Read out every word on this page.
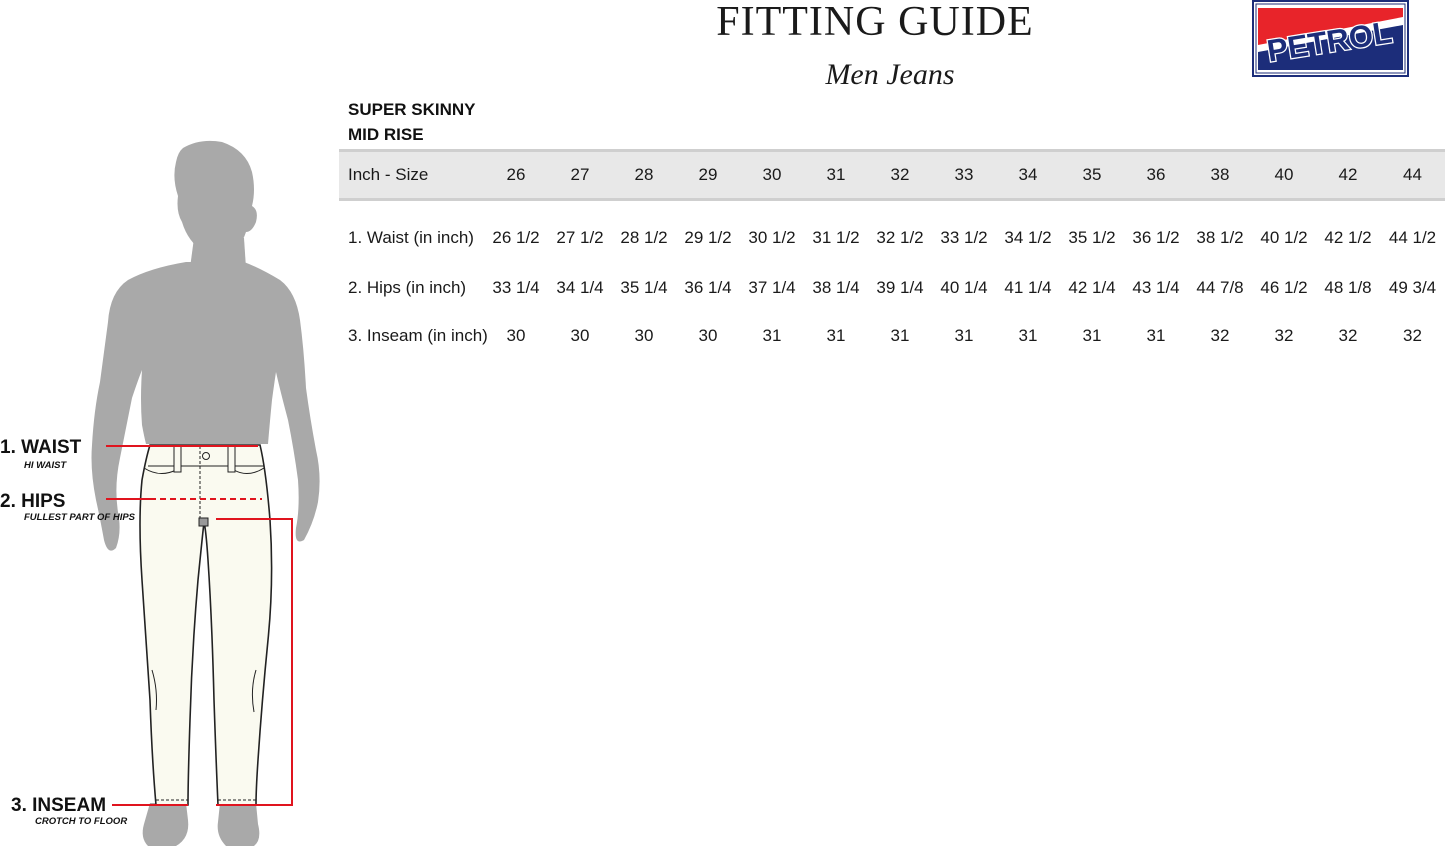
FITTING GUIDE
Men Jeans
PETROL
SUPER SKINNY
MID RISE
Inch - Size	26	27	28	29	30	31	32	33	34	35	36	38	40	42	44
1. Waist (in inch)	26 1/2	27 1/2	28 1/2	29 1/2	30 1/2	31 1/2	32 1/2	33 1/2	34 1/2	35 1/2	36 1/2	38 1/2	40 1/2	42 1/2	44 1/2
2. Hips (in inch)	33 1/4	34 1/4	35 1/4	36 1/4	37 1/4	38 1/4	39 1/4	40 1/4	41 1/4	42 1/4	43 1/4	44 7/8	46 1/2	48 1/8	49 3/4
3. Inseam (in inch)	30	30	30	30	31	31	31	31	31	31	31	32	32	32	32
1. WAIST
HI WAIST
2. HIPS
FULLEST PART OF HIPS
3. INSEAM
CROTCH TO FLOOR
